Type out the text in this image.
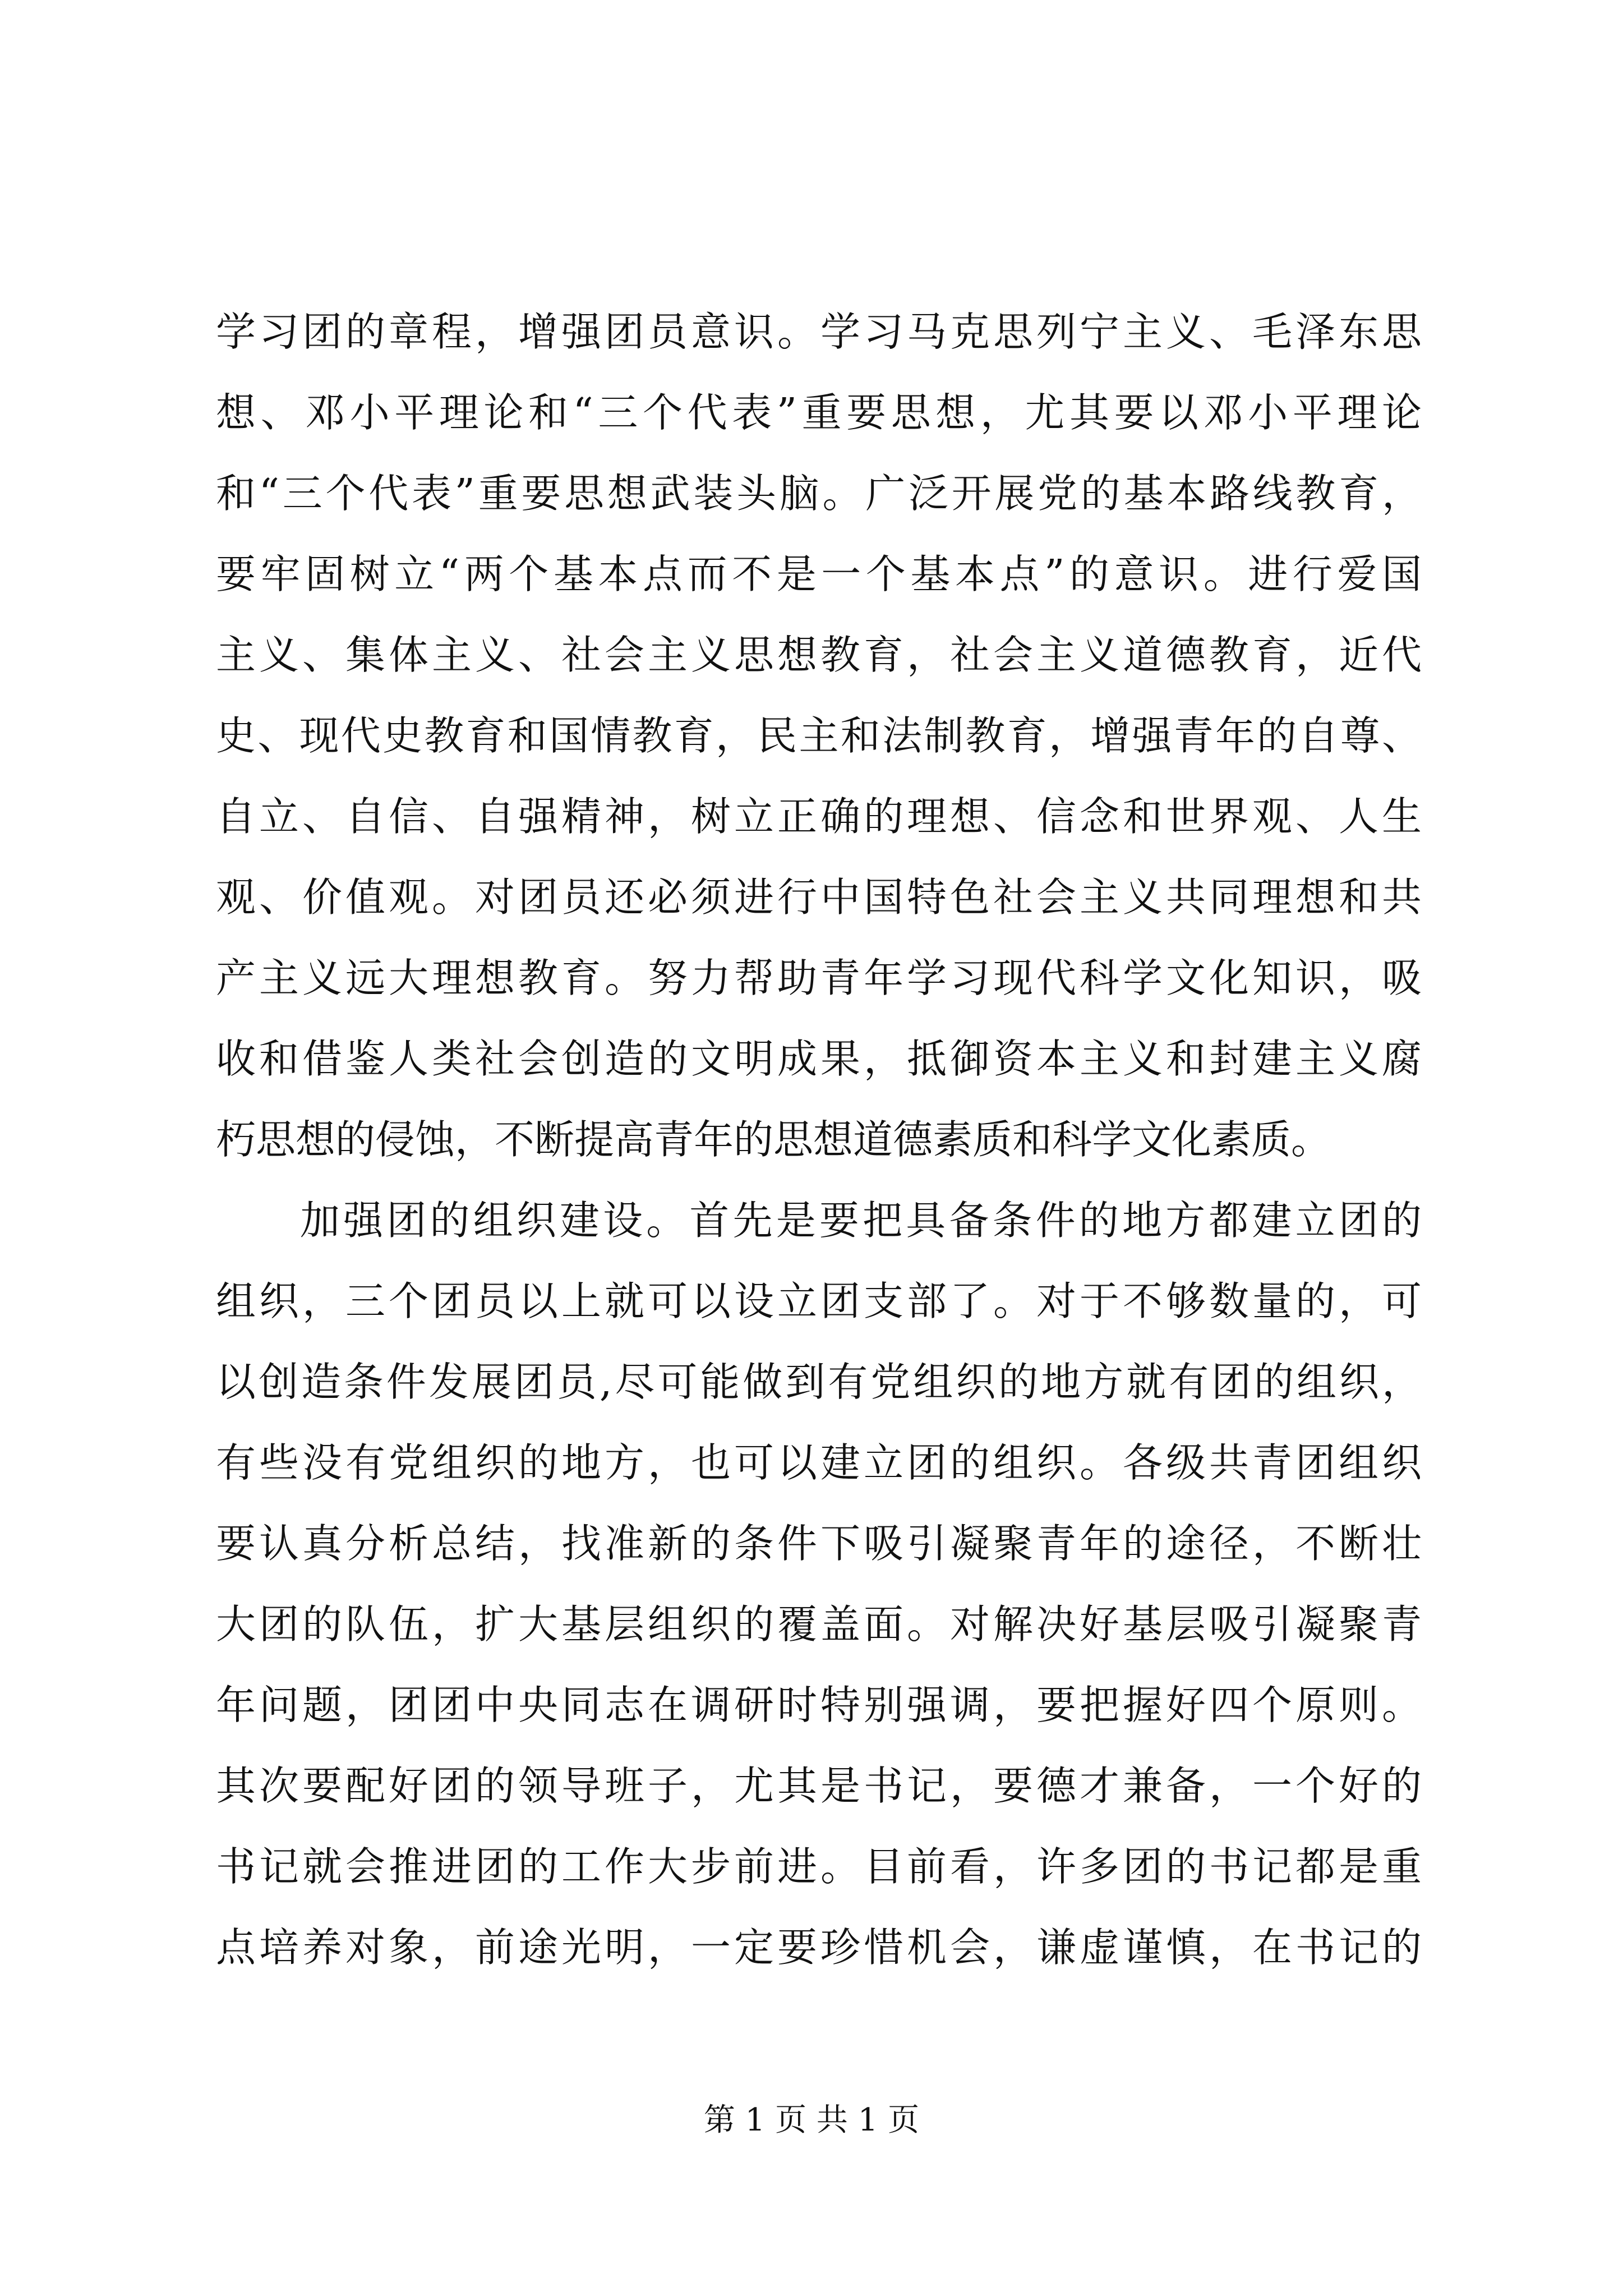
学习团的章程，增强团员意识。学习马克思列宁主义、毛泽东思
想、邓小平理论和“三个代表”重要思想，尤其要以邓小平理论
和“三个代表”重要思想武装头脑。广泛开展党的基本路线教育，
要牢固树立“两个基本点而不是一个基本点”的意识。进行爱国
主义、集体主义、社会主义思想教育，社会主义道德教育，近代
史、现代史教育和国情教育，民主和法制教育，增强青年的自尊、
自立、自信、自强精神，树立正确的理想、信念和世界观、人生
观、价值观。对团员还必须进行中国特色社会主义共同理想和共
产主义远大理想教育。努力帮助青年学习现代科学文化知识，吸
收和借鉴人类社会创造的文明成果，抵御资本主义和封建主义腐
朽思想的侵蚀，不断提高青年的思想道德素质和科学文化素质。
加强团的组织建设。首先是要把具备条件的地方都建立团的
组织，三个团员以上就可以设立团支部了。对于不够数量的，可
以创造条件发展团员,尽可能做到有党组织的地方就有团的组织，
有些没有党组织的地方，也可以建立团的组织。各级共青团组织
要认真分析总结，找准新的条件下吸引凝聚青年的途径，不断壮
大团的队伍，扩大基层组织的覆盖面。对解决好基层吸引凝聚青
年问题，团团中央同志在调研时特别强调，要把握好四个原则。
其次要配好团的领导班子，尤其是书记，要德才兼备，一个好的
书记就会推进团的工作大步前进。目前看，许多团的书记都是重
点培养对象，前途光明，一定要珍惜机会，谦虚谨慎，在书记的
第 1 页 共 1 页
